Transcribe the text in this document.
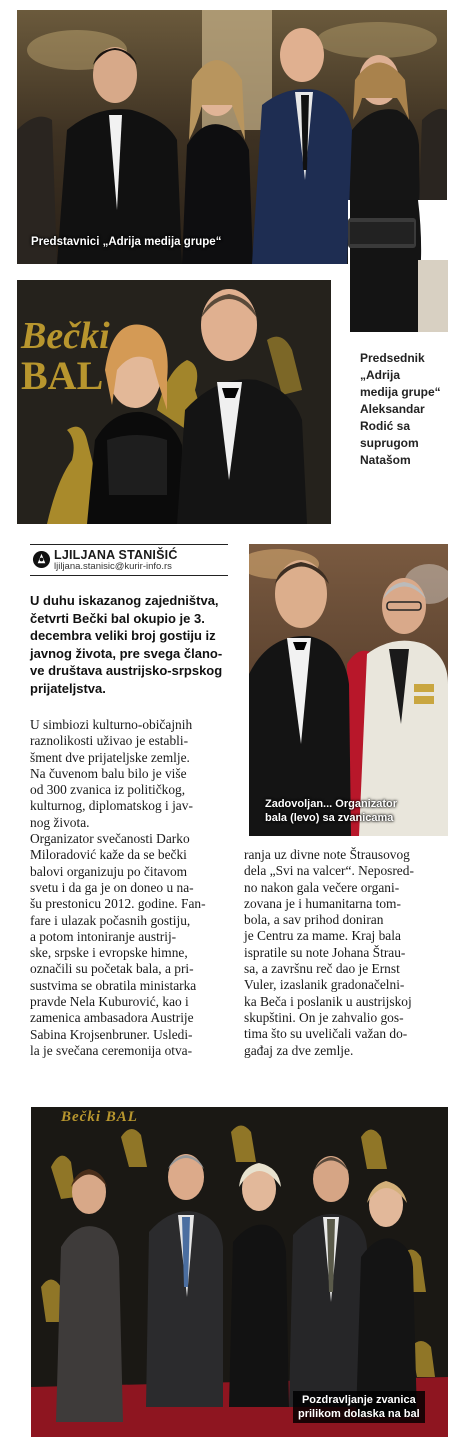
Predstavnici „Adrija medija grupe“
Bečki
BAL	Predsednik
„Adrija
medija grupe“
Aleksandar
Rodić sa
suprugom
Natašom
LJILJANA STANIŠIĆ
ljiljana.stanisic@kurir-info.rs
U duhu iskazanog zajedništva,
četvrti Bečki bal okupio je 3.
decembra veliki broj gostiju iz
javnog života, pre svega člano-
ve društava austrijsko-srpskog
prijateljstva.
U simbiozi kulturno-običajnih
raznolikosti uživao je establi-
šment dve prijateljske zemlje.
Na čuvenom balu bilo je više
od 300 zvanica iz političkog,
kulturnog, diplomatskog i jav-
nog života.
Organizator svečanosti Darko
Miloradović kaže da se bečki
balovi organizuju po čitavom
svetu i da ga je on doneo u na-
šu prestonicu 2012. godine. Fan-
fare i ulazak počasnih gostiju,
a potom intoniranje austrij-
ske, srpske i evropske himne,
označili su početak bala, a pri-
sustvima se obratila ministarka
pravde Nela Kuburović, kao i
zamenica ambasadora Austrije
Sabina Krojsenbruner. Usledi-
la je svečana ceremonija otva-
Zadovoljan... Organizator
bala (levo) sa zvanicama
ranja uz divne note Štrausovog
dela „Svi na valcer“. Neposred-
no nakon gala večere organi-
zovana je i humanitarna tom-
bola, a sav prihod doniran
je Centru za mame. Kraj bala
ispratile su note Johana Štrau-
sa, a završnu reč dao je Ernst
Vuler, izaslanik gradonačelni-
ka Beča i poslanik u austrijskoj
skupštini. On je zahvalio gos-
tima što su uveličali važan do-
gađaj za dve zemlje.
Bečki BAL
Pozdravljanje zvanica
prilikom dolaska na bal
